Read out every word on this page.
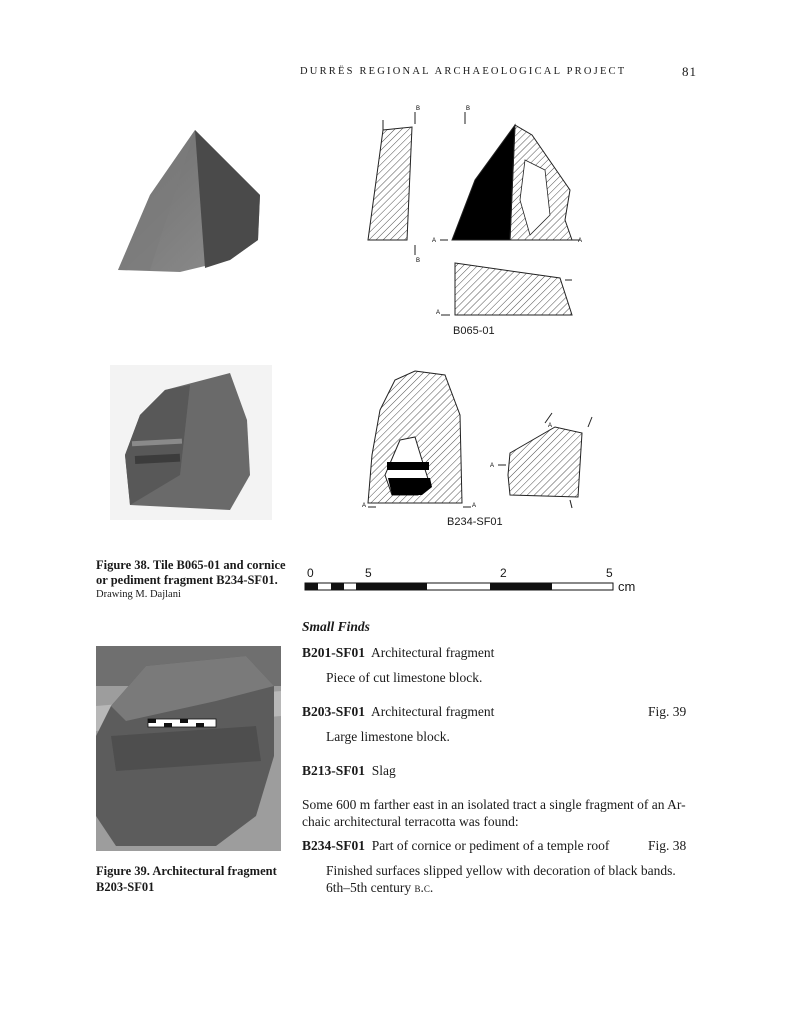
DURRËS REGIONAL ARCHAEOLOGICAL PROJECT	81
B	B
B
A	A
A
B065-01
A	A
A
A
B234-SF01
Figure 38. Tile B065-01 and cornice
or pediment fragment B234-SF01.
Drawing M. Dajlani
0	5	2	5
cm
Small Finds
B201-SF01 Architectural fragment
Piece of cut limestone block.
B203-SF01 Architectural fragment	Fig. 39
Large limestone block.
B213-SF01 Slag
Some 600 m farther east in an isolated tract a single fragment of an Ar-
chaic architectural terracotta was found:
B234-SF01 Part of cornice or pediment of a temple roof	Fig. 38
Finished surfaces slipped yellow with decoration of black bands.
6th–5th century b.c.
Figure 39. Architectural fragment
B203-SF01
